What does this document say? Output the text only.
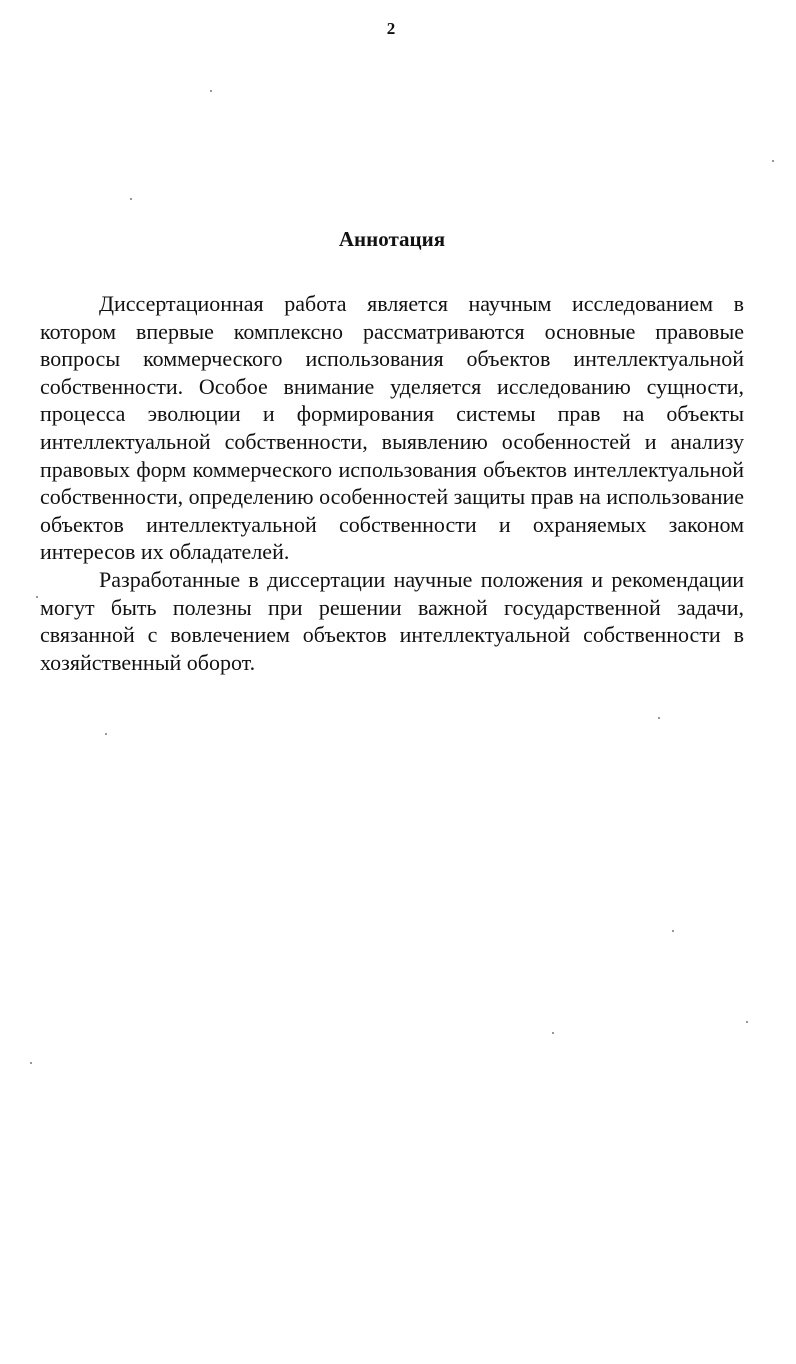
2
Аннотация

Диссертационная работа является научным исследованием в котором впервые комплексно рассматриваются основные правовые вопросы коммерческого использования объектов интеллектуальной собственности. Особое внимание уделяется исследованию сущности, процесса эволюции и формирования системы прав на объекты интеллектуальной собственности, выявлению особенностей и анализу правовых форм коммерческого использования объектов интеллектуальной собственности, определению особенностей защиты прав на использование объектов интеллектуальной собственности и охраняемых законом интересов их обладателей.

Разработанные в диссертации научные положения и рекомендации могут быть полезны при решении важной государственной задачи, связанной с вовлечением объектов интеллектуальной собственности в хозяйственный оборот.
